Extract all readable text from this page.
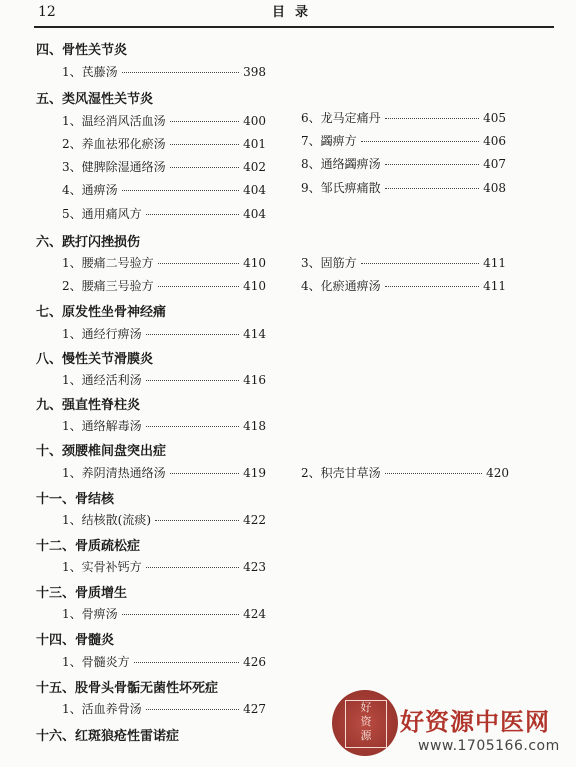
12	目录
四、骨性关节炎
1、芪藤汤	398
五、类风湿性关节炎
1、温经消风活血汤	400
2、养血祛邪化瘀汤	401
3、健脾除湿通络汤	402
4、通痹汤	404
5、通用痛风方	404
6、龙马定痛丹	405
7、蠲痹方	406
8、通络蠲痹汤	407
9、邹氏痹痛散	408
六、跌打闪挫损伤
1、腰痛二号验方	410
2、腰痛三号验方	410
3、固筋方	411
4、化瘀通痹汤	411
七、原发性坐骨神经痛
1、通经行痹汤	414
八、慢性关节滑膜炎
1、通经活利汤	416
九、强直性脊柱炎
1、通络解毒汤	418
十、颈腰椎间盘突出症
1、养阴清热通络汤	419	2、积壳甘草汤	420
十一、骨结核
1、结核散(流痰)	422
十二、骨质疏松症
1、实骨补钙方	423
十三、骨质增生
1、骨痹汤	424
十四、骨髓炎
1、骨髓炎方	426
十五、股骨头骨骺无菌性坏死症
1、活血养骨汤	427
十六、红斑狼疮性雷诺症
好
资
源	好资源中医网
www.1705166.com
